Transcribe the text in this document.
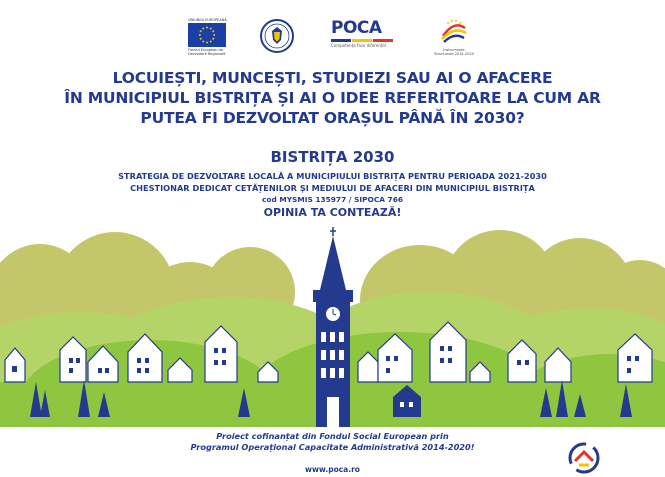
UNIUNEA EUROPEANĂ
Fondul European de Dezvoltare Regională
POCA
Competența face diferența!
Instrumente Structurale 2014-2020
LOCUIEȘTI, MUNCEȘTI, STUDIEZI SAU AI O AFACERE
ÎN MUNICIPIUL BISTRIȚA ȘI AI O IDEE REFERITOARE LA CUM AR
PUTEA FI DEZVOLTAT ORAȘUL PÂNĂ ÎN 2030?
BISTRIȚA 2030

STRATEGIA DE DEZVOLTARE LOCALĂ A MUNICIPIULUI BISTRIȚA PENTRU PERIOADA 2021-2030

CHESTIONAR DEDICAT CETĂȚENILOR ȘI MEDIULUI DE AFACERI DIN MUNICIPIUL BISTRIȚA

cod MYSMIS 135977 / SIPOCA 766

OPINIA TA CONTEAZĂ!

Proiect cofinanțat din Fondul Social European prin

Programul Operațional Capacitate Administrativă 2014-2020!

www.poca.ro
